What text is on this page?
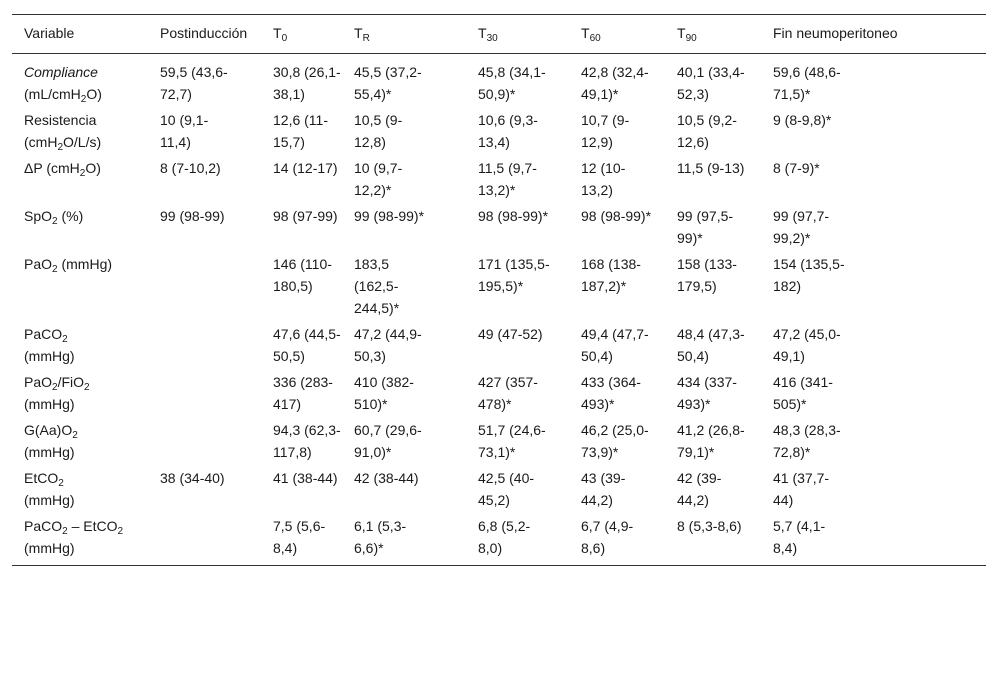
Variable	Postinducción	$T_0$	$T_R$	$T_{30}$	$T_{60}$	$T_{90}$	Fin neumoperitoneo
Compliance
(mL/cmH$_2$O)	59,5 (43,6-72,7)	30,8 (26,1-38,1)	45,5 (37,2-55,4)*	45,8 (34,1-50,9)*	42,8 (32,4-49,1)*	40,1 (33,4-52,3)	59,6 (48,6-71,5)*

Resistencia
(cmH$_2$O/L/s)	10 (9,1-11,4)	12,6 (11-15,7)	10,5 (9-12,8)	10,6 (9,3-13,4)	10,7 (9-12,9)	10,5 (9,2-12,6)	9 (8-9,8)*

ΔP (cmH$_2$O)	8 (7-10,2)	14 (12-17)	10 (9,7-12,2)*	11,5 (9,7-13,2)*	12 (10-13,2)	11,5 (9-13)	8 (7-9)*

SpO$_2$ (%)	99 (98-99)	98 (97-99)	99 (98-99)*	98 (98-99)*	98 (98-99)*	99 (97,5-99)*	99 (97,7-99,2)*

PaO$_2$ (mmHg)		146 (110-180,5)	183,5 (162,5-244,5)*	171 (135,5-195,5)*	168 (138-187,2)*	158 (133-179,5)	154 (135,5-182)

PaCO$_2$
(mmHg)		47,6 (44,5-50,5)	47,2 (44,9-50,3)	49 (47-52)	49,4 (47,7-50,4)	48,4 (47,3-50,4)	47,2 (45,0-49,1)

PaO$_2$/FiO$_2$
(mmHg)		336 (283-417)	410 (382-510)*	427 (357-478)*	433 (364-493)*	434 (337-493)*	416 (341-505)*

$G(Aa)O_2$
(mmHg)		94,3 (62,3-117,8)	60,7 (29,6-91,0)*	51,7 (24,6-73,1)*	46,2 (25,0-73,9)*	41,2 (26,8-79,1)*	48,3 (28,3-72,8)*

EtCO$_2$
(mmHg)	38 (34-40)	41 (38-44)	42 (38-44)	42,5 (40-45,2)	43 (39-44,2)	42 (39-44,2)	41 (37,7-44)

PaCO$_2$ – EtCO$_2$ (mmHg)		7,5 (5,6-8,4)	6,1 (5,3-6,6)*	6,8 (5,2-8,0)	6,7 (4,9-8,6)	8 (5,3-8,6)	5,7 (4,1-8,4)
